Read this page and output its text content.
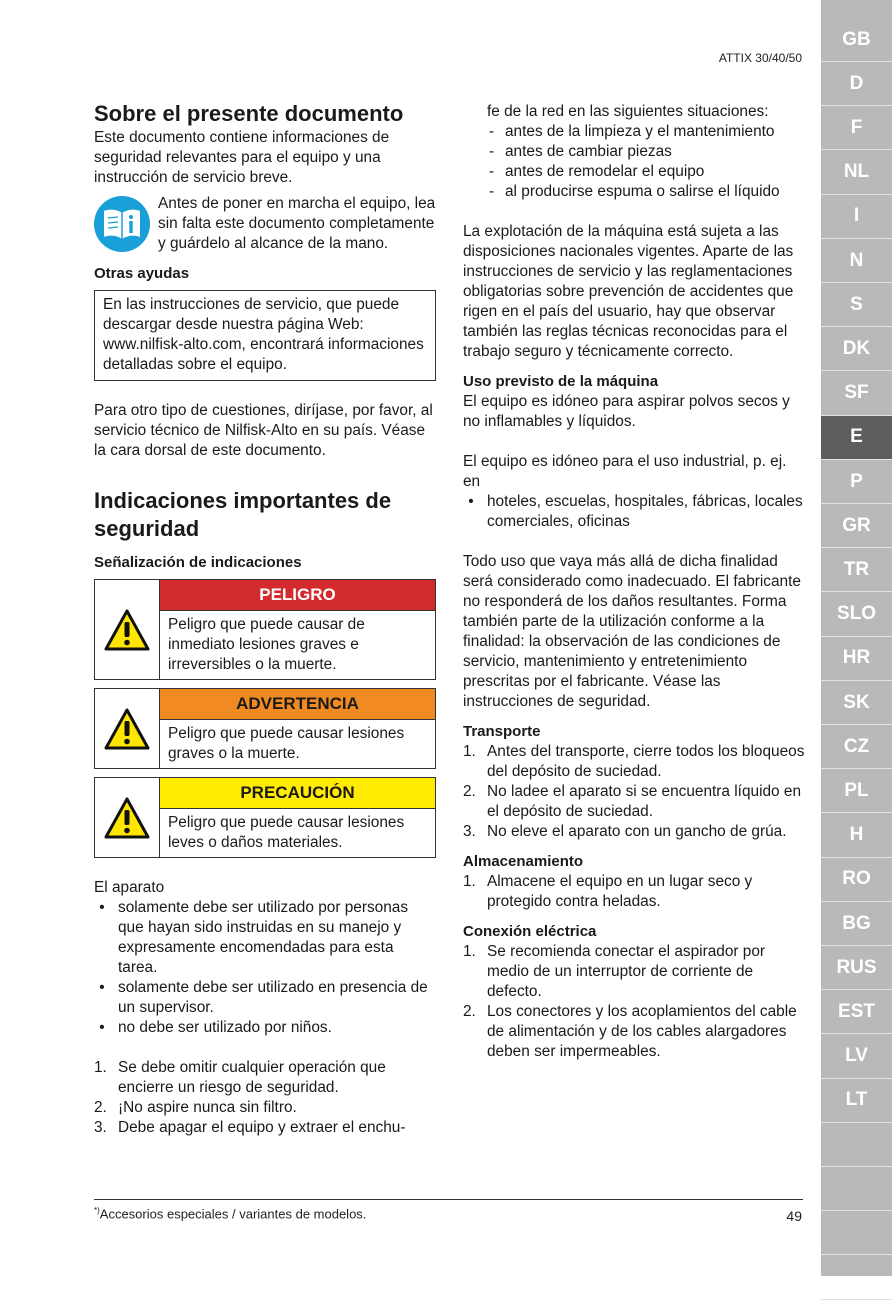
GB
D
F
NL
I
N
S
DK
SF
E
P
GR
TR
SLO
HR
SK
CZ
PL
H
RO
BG
RUS
EST
LV
LT
ATTIX 30/40/50
Sobre el presente documento

Este documento contiene informaciones de seguridad relevantes para el equipo y una instrucción de servicio breve.

Antes de poner en marcha el equipo, lea sin falta este documento completamente y guárdelo al alcance de la mano.

Otras ayudas

En las instrucciones de servicio, que puede descargar desde nuestra página Web: www.nilfisk-alto.com, encontrará informaciones detalladas sobre el equipo.

Para otro tipo de cuestiones, diríjase, por favor, al servicio técnico de Nilfisk-Alto en su país. Véase la cara dorsal de este documento.

Indicaciones importantes de seguridad
Señalización de indicaciones
PELIGRO
Peligro que puede causar de inmediato lesiones graves e irreversibles o la muerte.
ADVERTENCIA
Peligro que puede causar lesiones graves o la muerte.
PRECAUCIÓN
Peligro que puede causar lesiones leves o daños materiales.

El aparato

• solamente debe ser utilizado por personas que hayan sido instruidas en su manejo y expresamente encomendadas para esta tarea.
• solamente debe ser utilizado en presencia de un supervisor.
• no debe ser utilizado por niños.
1. Se debe omitir cualquier operación que encierre un riesgo de seguridad.
2. ¡No aspire nunca sin filtro.
3. Debe apagar el equipo y extraer el enchu-

fe de la red en las siguientes situaciones:

- antes de la limpieza y el mantenimiento
- antes de cambiar piezas
- antes de remodelar el equipo
- al producirse espuma o salirse el líquido

La explotación de la máquina está sujeta a las disposiciones nacionales vigentes. Aparte de las instrucciones de servicio y las reglamentaciones obligatorias sobre prevención de accidentes que rigen en el país del usuario, hay que observar también las reglas técnicas reconocidas para el trabajo seguro y técnicamente correcto.

Uso previsto de la máquina

El equipo es idóneo para aspirar polvos secos y no inflamables y líquidos.

El equipo es idóneo para el uso industrial, p. ej. en

• hoteles, escuelas, hospitales, fábricas, locales comerciales, oficinas

Todo uso que vaya más allá de dicha finalidad será considerado como inadecuado. El fabricante no responderá de los daños resultantes. Forma también parte de la utilización conforme a la finalidad: la observación de las condiciones de servicio, mantenimiento y entretenimiento prescritas por el fabricante. Véase las instrucciones de seguridad.

Transporte
1. Antes del transporte, cierre todos los bloqueos del depósito de suciedad.
2. No ladee el aparato si se encuentra líquido en el depósito de suciedad.
3. No eleve el aparato con un gancho de grúa.
Almacenamiento
1. Almacene el equipo en un lugar seco y protegido contra heladas.
Conexión eléctrica
1. Se recomienda conectar el aspirador por medio de un interruptor de corriente de defecto.
2. Los conectores y los acoplamientos del cable de alimentación y de los cables alargadores deben ser impermeables.
*)Accesorios especiales / variantes de modelos.	49
